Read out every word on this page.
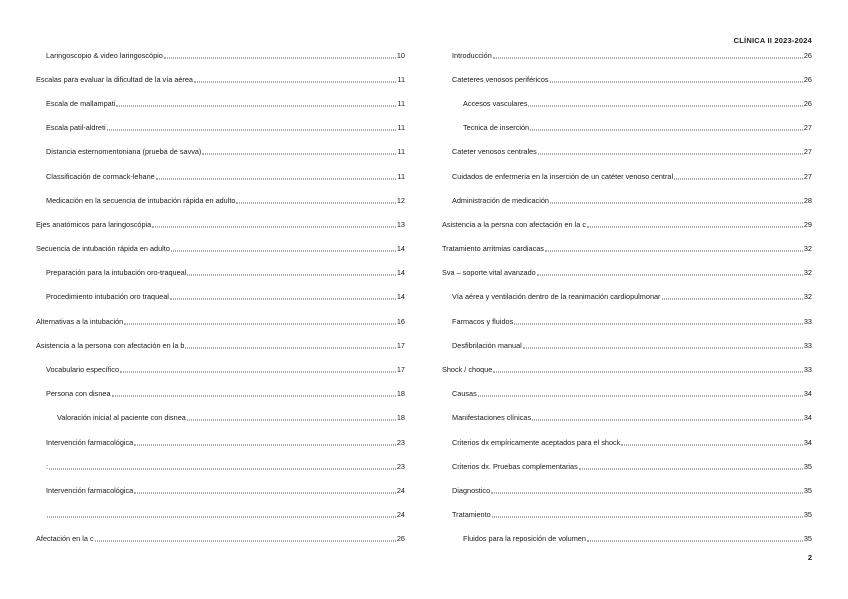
CLÍNICA II 2023-2024
Laringoscopio & video laringoscópio	10
Escalas para evaluar la dificultad de la vía aérea	11
Escala de mallampati	11
Escala patil-aldreti	11
Distancia esternomentoniana (prueba de savva)	11
Classificación de cormack-lehane	11
Medicación en la secuencia de intubación rápida en adulto	12
Ejes anatómicos para laringoscópia	13
Secuencia de intubación rápida en adulto	14
Preparación para la intubación oro-traqueal	14
Procedimiento intubación oro traqueal	14
Alternativas a la intubación	16
Asistencia a la persona con afectación en la b	17
Vocabulario específico	17
Persona con disnea	18
Valoración inicial al paciente con disnea	18
Intervención farmacológica	23
:	23
Intervención farmacológica	24
24
Afectación en la c	26
Introducción	26
Cateteres venosos periféricos	26
Accesos vasculares	26
Tecnica de inserción	27
Cateter venosos centrales	27
Cuidados de enfermeria en la inserción de un catéter venoso central	27
Administración de medicación	28
Asistencia a la persna con afectación en la c	29
Tratamiento arritmias cardiacas	32
Sva – soporte vital avanzado	32
Vía aérea y ventilación dentro de la reanimación cardiopulmonar	32
Farmacos y fluidos	33
Desfibrilación manual	33
Shock / choque	33
Causas	34
Manifestaciones clínicas	34
Criterios dx empíricamente aceptados para el shock	34
Criterios dx. Pruebas complementarias	35
Diagnostico	35
Tratamiento	35
Fluidos para la reposición de volumen	35
2
